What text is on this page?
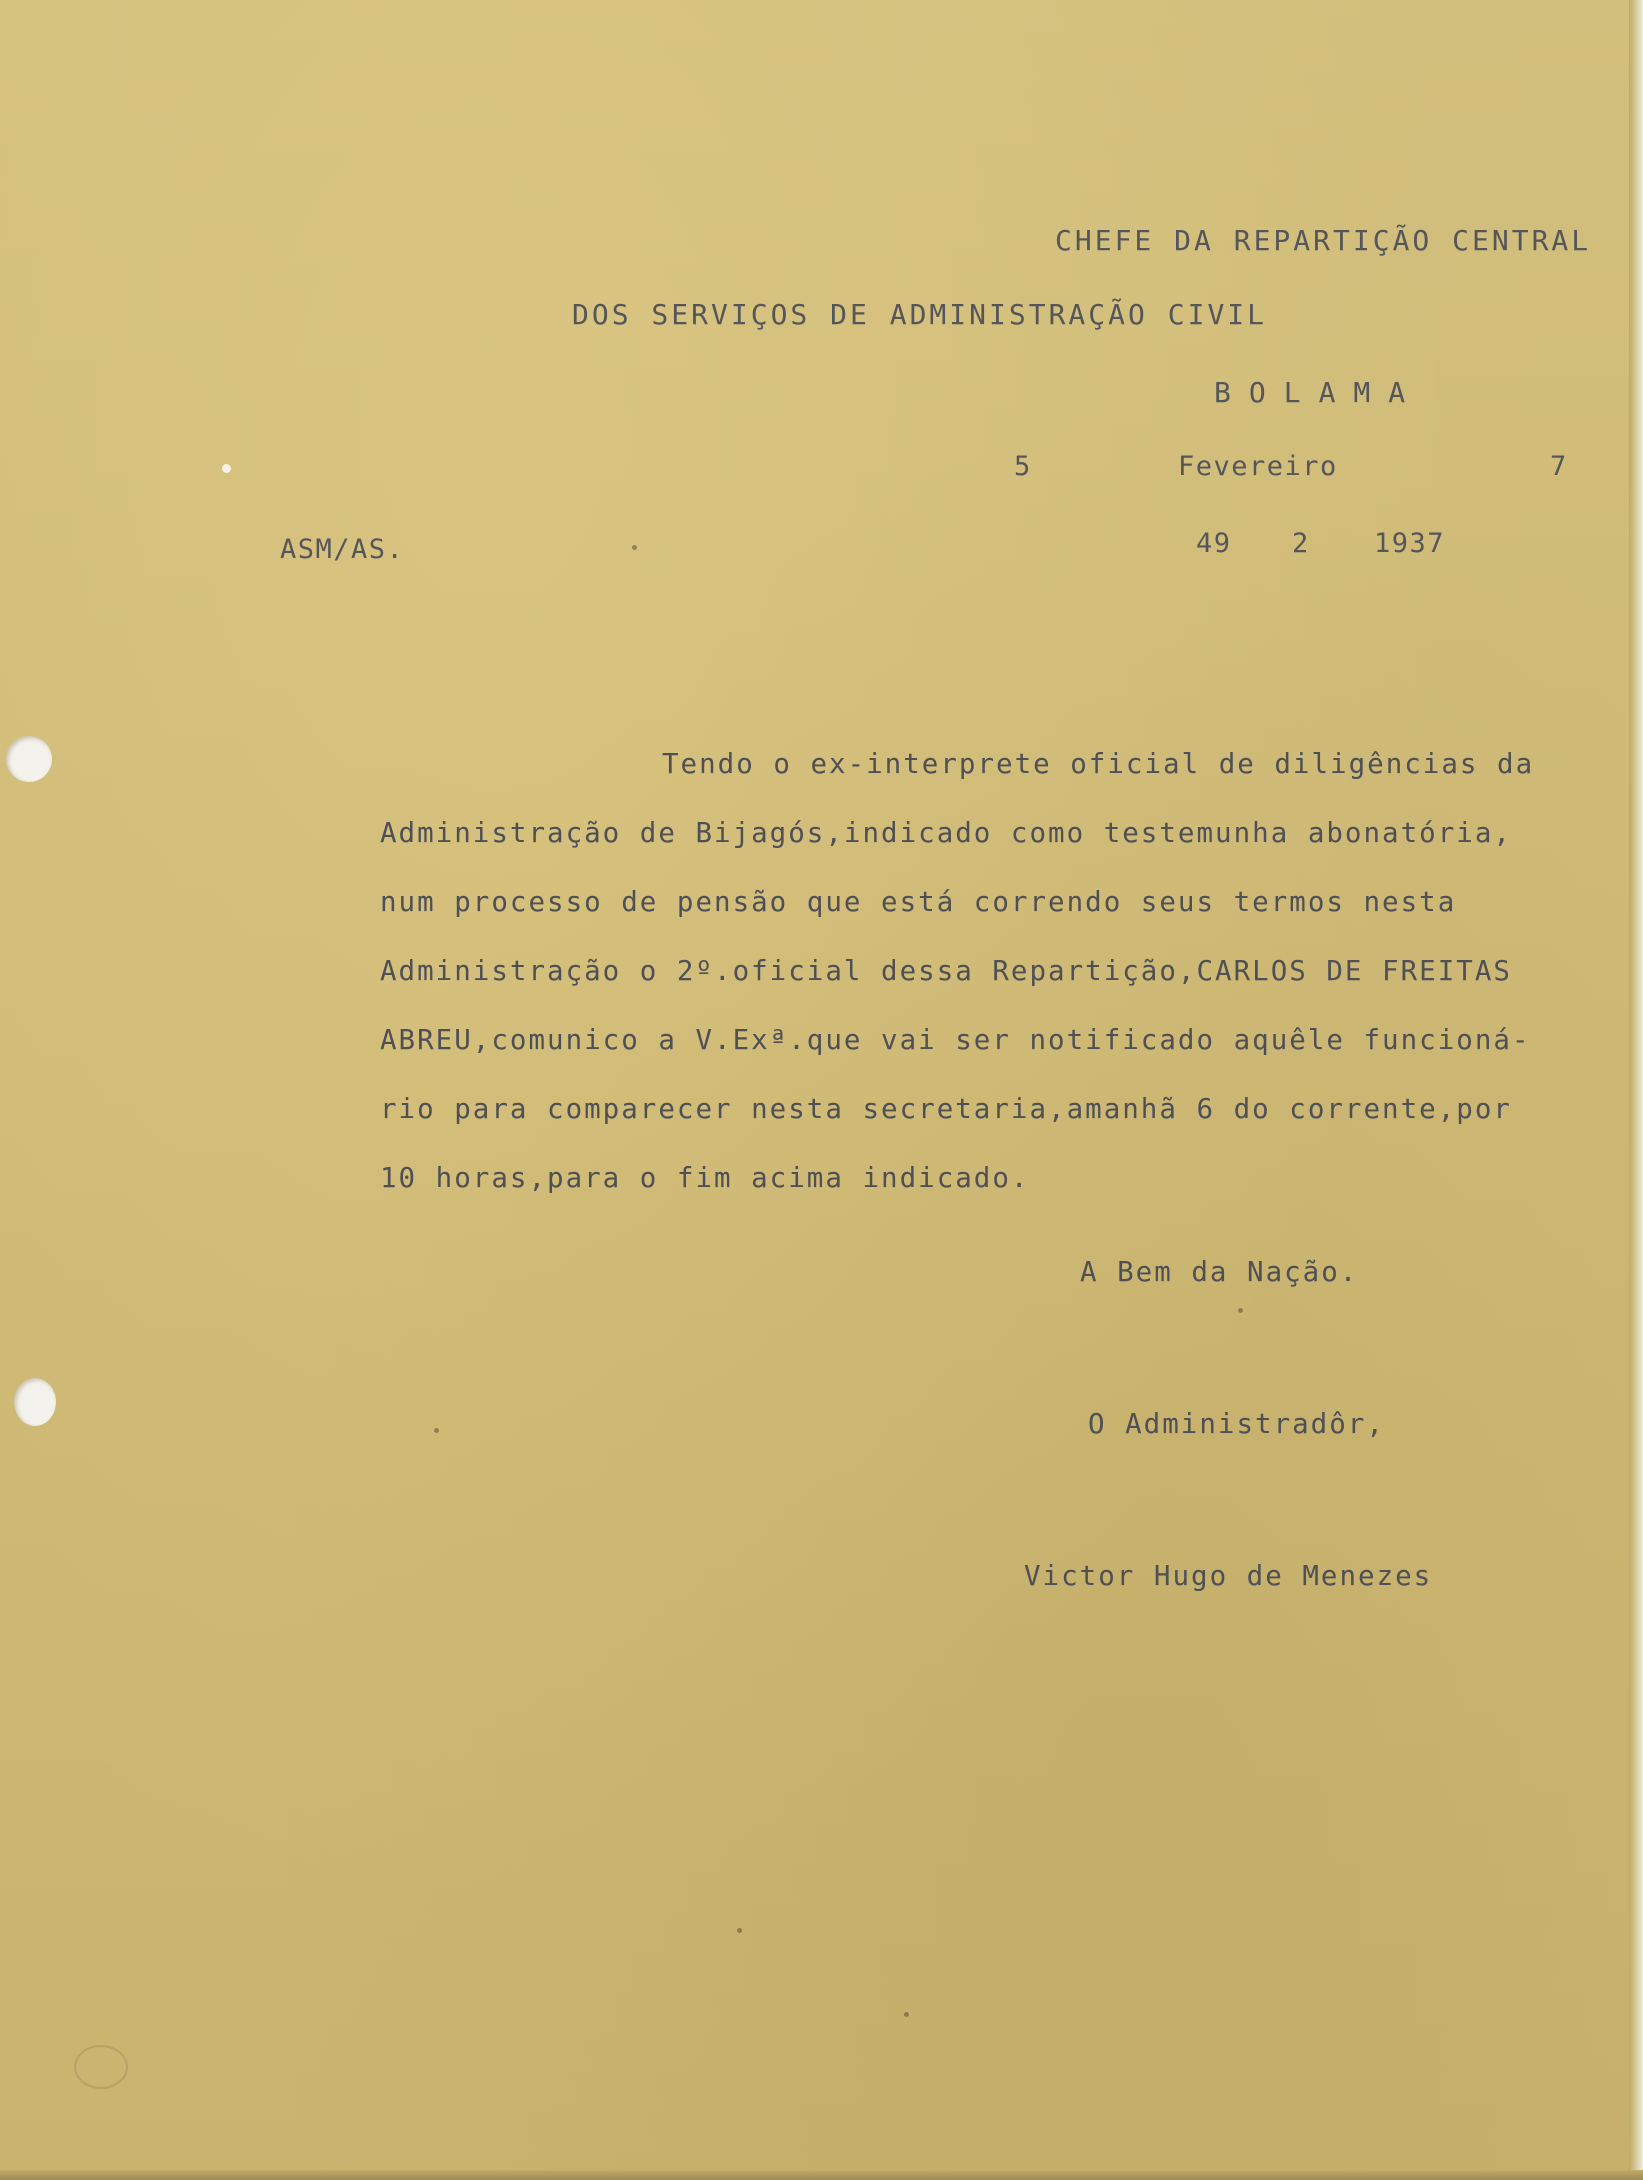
CHEFE DA REPARTIÇÃO CENTRAL
DOS SERVIÇOS DE ADMINISTRAÇÃO CIVIL
BOLAMA
5	Fevereiro	7
ASM/AS.	49 2 1937
Tendo o ex-interprete oficial de diligências da
Administração de Bijagós,indicado como testemunha abonatória,
num processo de pensão que está correndo seus termos nesta
Administração o 2º.oficial dessa Repartição,CARLOS DE FREITAS
ABREU,comunico a V.Exª.que vai ser notificado aquêle funcioná-
rio para comparecer nesta secretaria,amanhã 6 do corrente,por
10 horas,para o fim acima indicado.
A Bem da Nação.
O Administradôr,
Victor Hugo de Menezes
